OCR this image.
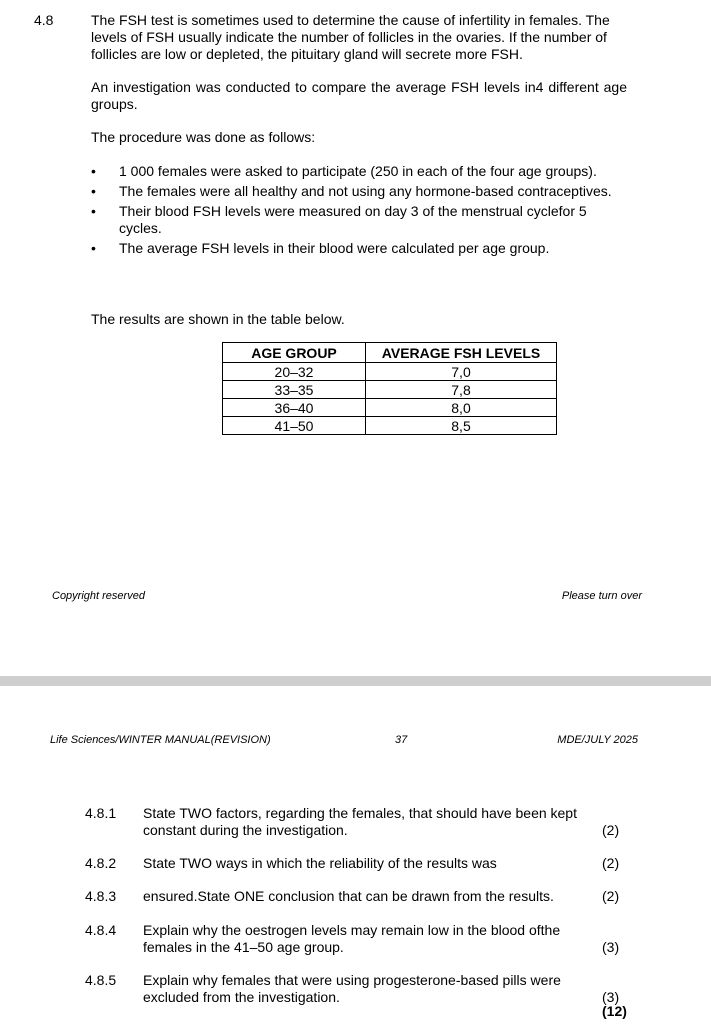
4.8	The FSH test is sometimes used to determine the cause of infertility in females. The levels of FSH usually indicate the number of follicles in the ovaries. If the number of follicles are low or depleted, the pituitary gland will secrete more FSH.

An investigation was conducted to compare the average FSH levels in4 different age groups.

The procedure was done as follows:

•	1 000 females were asked to participate (250 in each of the four age groups).
•	The females were all healthy and not using any hormone-based contraceptives.
•	Their blood FSH levels were measured on day 3 of the menstrual cyclefor 5 cycles.
•	The average FSH levels in their blood were calculated per age group.

The results are shown in the table below.

AGE GROUP	AVERAGE FSH LEVELS
20–32	7,0
33–35	7,8
36–40	8,0
41–50	8,5
Copyright reserved	Please turn over
Life Sciences/WINTER MANUAL(REVISION)	37	MDE/JULY 2025
4.8.1 State TWO factors, regarding the females, that should have been kept constant during the investigation.	(2)
4.8.2 State TWO ways in which the reliability of the results was	(2)
4.8.3 ensured.State ONE conclusion that can be drawn from the results.	(2)
4.8.4 Explain why the oestrogen levels may remain low in the blood ofthe females in the 41–50 age group.	(3)
4.8.5 Explain why females that were using progesterone-based pills were excluded from the investigation.	(3)
(12)
